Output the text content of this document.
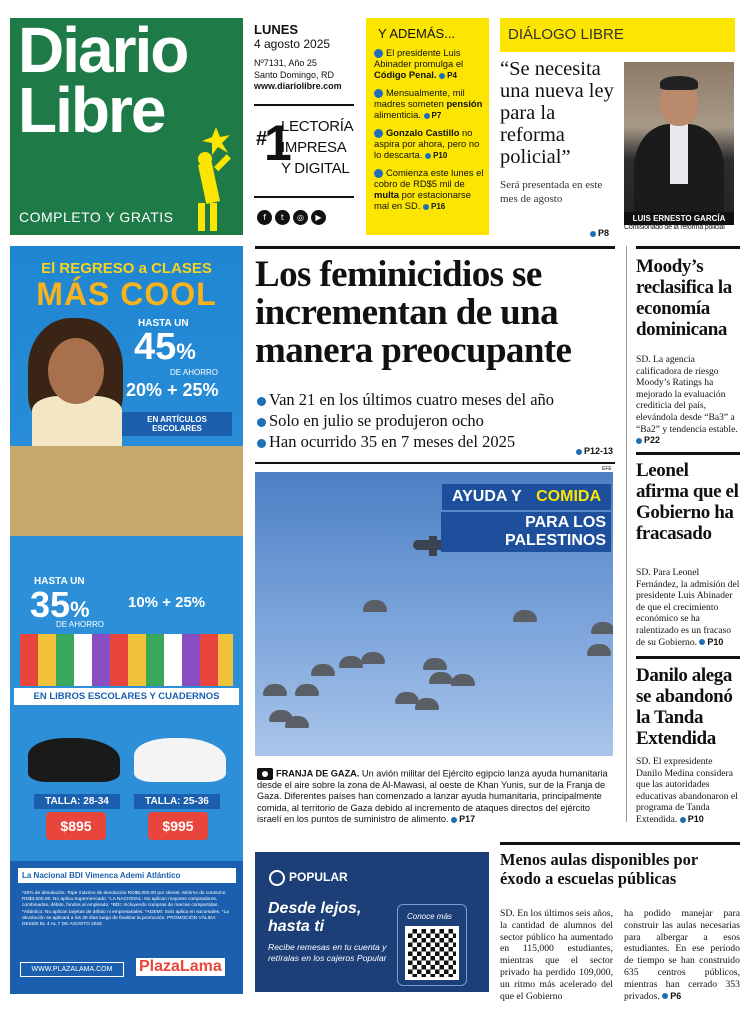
Diario
Libre
COMPLETO Y GRATIS
LUNES
4 agosto 2025
Nº7131, Año 25
Santo Domingo, RD
www.diariolibre.com
#
1
LECTORÍA
IMPRESA
Y DIGITAL
f t ◎ ▶
Y ADEMÁS...
El presidente Luis Abinader promulga el Código Penal. P4
Mensualmente, mil madres someten pensión alimenticia. P7
Gonzalo Castillo no aspira por ahora, pero no lo descarta. P10
Comienza este lunes el cobro de RD$5 mil de multa por estacionarse mal en SD. P16
DIÁLOGO LIBRE
“Se necesita una nueva ley para la reforma policial”
Será presentada en este mes de agosto
P8
LUIS ERNESTO GARCÍA
Comisionado de la reforma policial
El REGRESO a CLASES
MÁS COOL
HASTA UN
45%
DE AHORRO
20% + 25%
EN ARTÍCULOS ESCOLARES
HASTA UN
35%
DE AHORRO
10% + 25%
EN LIBROS ESCOLARES Y CUADERNOS
TALLA: 28-34	TALLA: 25-36
$895	$995
La Nacional BDI Vimenca Ademi Atlántico
*25% de devolución. Tope máximo de devolución RD$5,000.00 por cliente. Mínimo de consumo RD$3,000.00. No aplica Supermercado. "LA NACIONAL: No aplican mayores compradores, combinados, débito, fondos al empleado. *BDI: Incluyendo compras de marcas compartidas. *Atlántico: No aplican tarjetas de débito ni empresariales. *ADEMI: Solo aplica en sucursales. *La devolución se aplicará a los 30 días luego de finalizar la promoción. PROMOCIÓN VÁLIDA DESDE EL 4 AL 7 DE AGOSTO 2025
WWW.PLAZALAMA.COM	PlazaLama
Los feminicidios se incrementan de una manera preocupante
Van 21 en los últimos cuatro meses del año
Solo en julio se produjeron ocho
Han ocurrido 35 en 7 meses del 2025	P12-13
EFE
AYUDA Y COMIDA
PARA LOS PALESTINOS
FRANJA DE GAZA. Un avión militar del Ejército egipcio lanza ayuda humanitaria desde el aire sobre la zona de Al-Mawasi, al oeste de Khan Yunis, sur de la Franja de Gaza. Diferentes países han comenzado a lanzar ayuda humanitaria, principalmente comida, al territorio de Gaza debido al incremento de ataques directos del ejército israelí en los puntos de suministro de alimento. P17
Moody’s reclasifica la economía dominicana
SD. La agencia calificadora de riesgo Moody’s Ratings ha mejorado la evaluación crediticia del país, elevándola desde “Ba3” a “Ba2” y tendencia estable. P22
Leonel afirma que el Gobierno ha fracasado
SD. Para Leonel Fernández, la admisión del presidente Luis Abinader de que el crecimiento económico se ha ralentizado es un fracaso de su Gobierno. P10
Danilo alega se abandonó la Tanda Extendida
SD. El expresidente Danilo Medina considera que las autoridades educativas abandonaron el programa de Tanda Extendida. P10
POPULAR
Desde lejos,
hasta ti
Recibe remesas en tu cuenta y retíralas en los cajeros Popular
Conoce más
Menos aulas disponibles por éxodo a escuelas públicas
SD. En los últimos seis años, la cantidad de alumnos del sector público ha aumentado en 115,000 estudiantes, mientras que el sector privado ha perdido 109,000, un ritmo más acelerado del que el Gobierno
ha podido manejar para construir las aulas necesarias para albergar a esos estudiantes. En ese período de tiempo se han construido 635 centros públicos, mientras han cerrado 353 privados. P6
